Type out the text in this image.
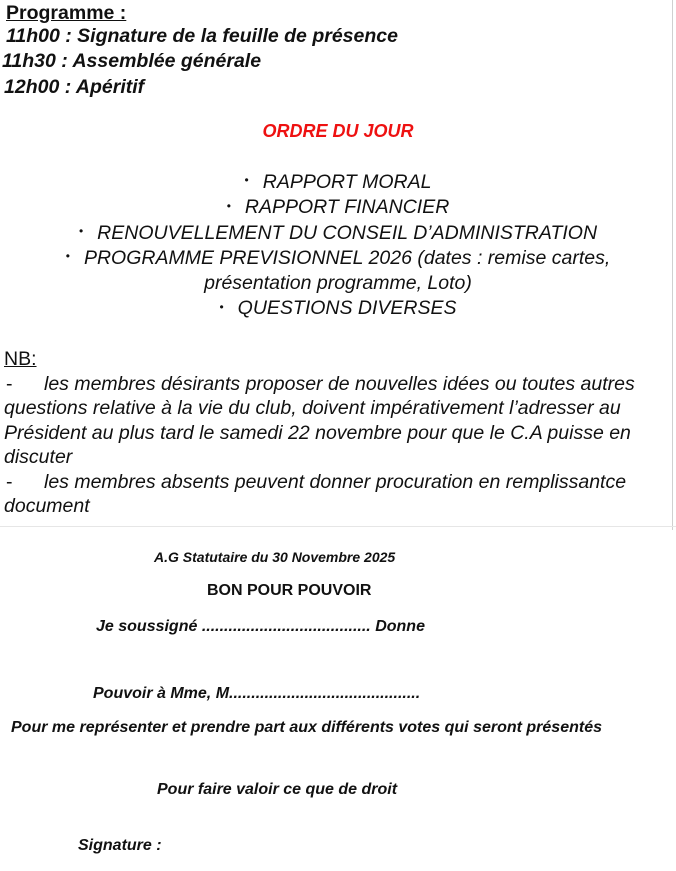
Programme :

11h00 : Signature de la feuille de présence

11h30 : Assemblée générale

12h00 : Apéritif

ORDRE DU JOUR

• RAPPORT MORAL
• RAPPORT FINANCIER
• RENOUVELLEMENT DU CONSEIL D’ADMINISTRATION
• PROGRAMME PREVISIONNEL 2026 (dates : remise cartes,
présentation programme, Loto)
• QUESTIONS DIVERSES
NB:
- les membres désirants proposer de nouvelles idées ou toutes autres questions relative à la vie du club, doivent impérativement l’adresser au Président au plus tard le samedi 22 novembre pour que le C.A puisse en discuter
- les membres absents peuvent donner procuration en remplissantce document

A.G Statutaire du 30 Novembre 2025

BON POUR POUVOIR

Je soussigné ...................................... Donne

Pouvoir à Mme, M...........................................

Pour me représenter et prendre part aux différents votes qui seront présentés

Pour faire valoir ce que de droit

Signature :
